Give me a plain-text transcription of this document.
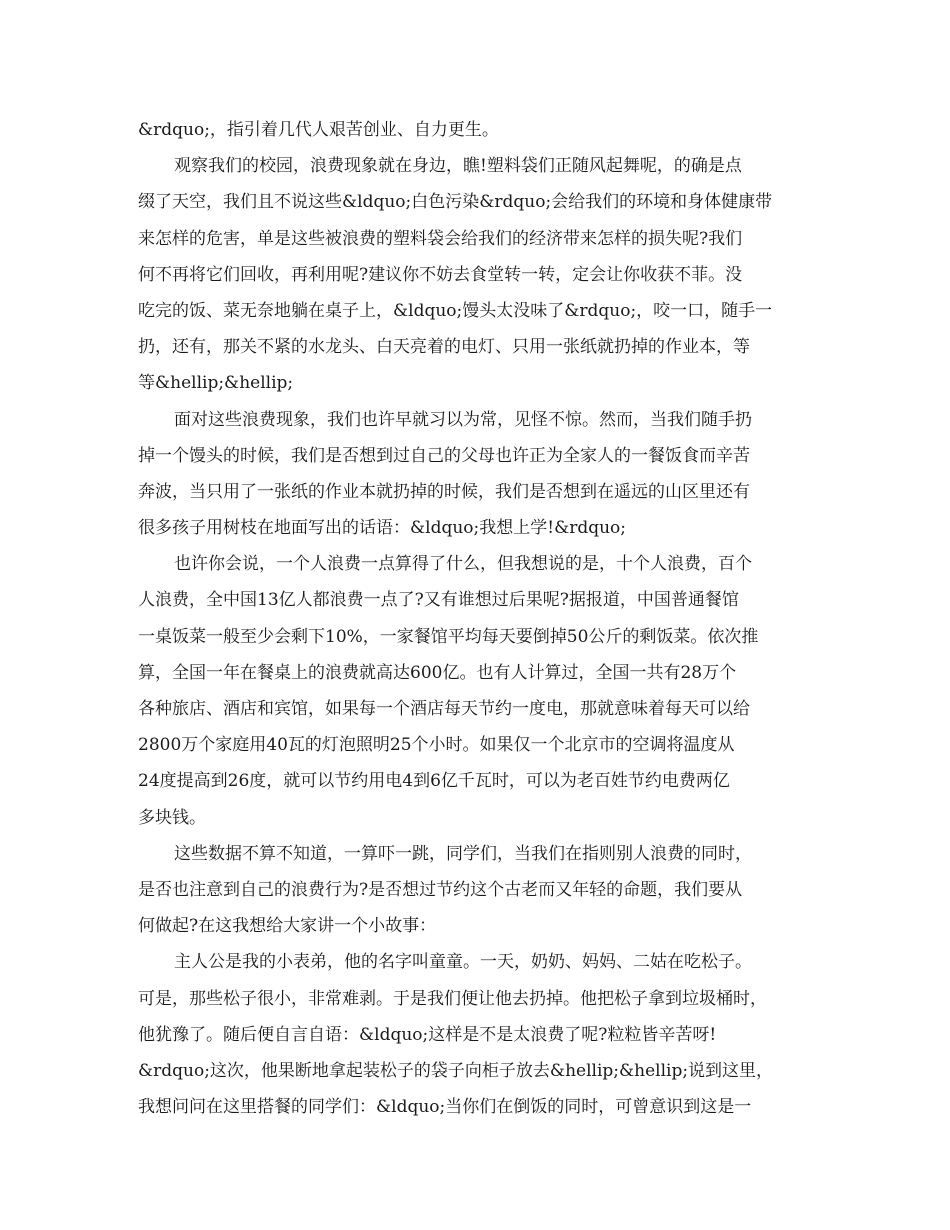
&rdquo;，指引着几代人艰苦创业、自力更生。
观察我们的校园，浪费现象就在身边，瞧!塑料袋们正随风起舞呢，的确是点
缀了天空，我们且不说这些&ldquo;白色污染&rdquo;会给我们的环境和身体健康带
来怎样的危害，单是这些被浪费的塑料袋会给我们的经济带来怎样的损失呢?我们
何不再将它们回收，再利用呢?建议你不妨去食堂转一转，定会让你收获不菲。没
吃完的饭、菜无奈地躺在桌子上，&ldquo;馒头太没味了&rdquo;，咬一口，随手一
扔，还有，那关不紧的水龙头、白天亮着的电灯、只用一张纸就扔掉的作业本，等
等&hellip;&hellip;
面对这些浪费现象，我们也许早就习以为常，见怪不惊。然而，当我们随手扔
掉一个馒头的时候，我们是否想到过自己的父母也许正为全家人的一餐饭食而辛苦
奔波，当只用了一张纸的作业本就扔掉的时候，我们是否想到在遥远的山区里还有
很多孩子用树枝在地面写出的话语：&ldquo;我想上学!&rdquo;
也许你会说，一个人浪费一点算得了什么，但我想说的是，十个人浪费，百个
人浪费，全中国13亿人都浪费一点了?又有谁想过后果呢?据报道，中国普通餐馆
一桌饭菜一般至少会剩下10%，一家餐馆平均每天要倒掉50公斤的剩饭菜。依次推
算，全国一年在餐桌上的浪费就高达600亿。也有人计算过，全国一共有28万个
各种旅店、酒店和宾馆，如果每一个酒店每天节约一度电，那就意味着每天可以给
2800万个家庭用40瓦的灯泡照明25个小时。如果仅一个北京市的空调将温度从
24度提高到26度，就可以节约用电4到6亿千瓦时，可以为老百姓节约电费两亿
多块钱。
这些数据不算不知道，一算吓一跳，同学们，当我们在指则别人浪费的同时，
是否也注意到自己的浪费行为?是否想过节约这个古老而又年轻的命题，我们要从
何做起?在这我想给大家讲一个小故事：
主人公是我的小表弟，他的名字叫童童。一天，奶奶、妈妈、二姑在吃松子。
可是，那些松子很小，非常难剥。于是我们便让他去扔掉。他把松子拿到垃圾桶时，
他犹豫了。随后便自言自语：&ldquo;这样是不是太浪费了呢?粒粒皆辛苦呀!
&rdquo;这次，他果断地拿起装松子的袋子向柜子放去&hellip;&hellip;说到这里，
我想问问在这里搭餐的同学们：&ldquo;当你们在倒饭的同时，可曾意识到这是一
